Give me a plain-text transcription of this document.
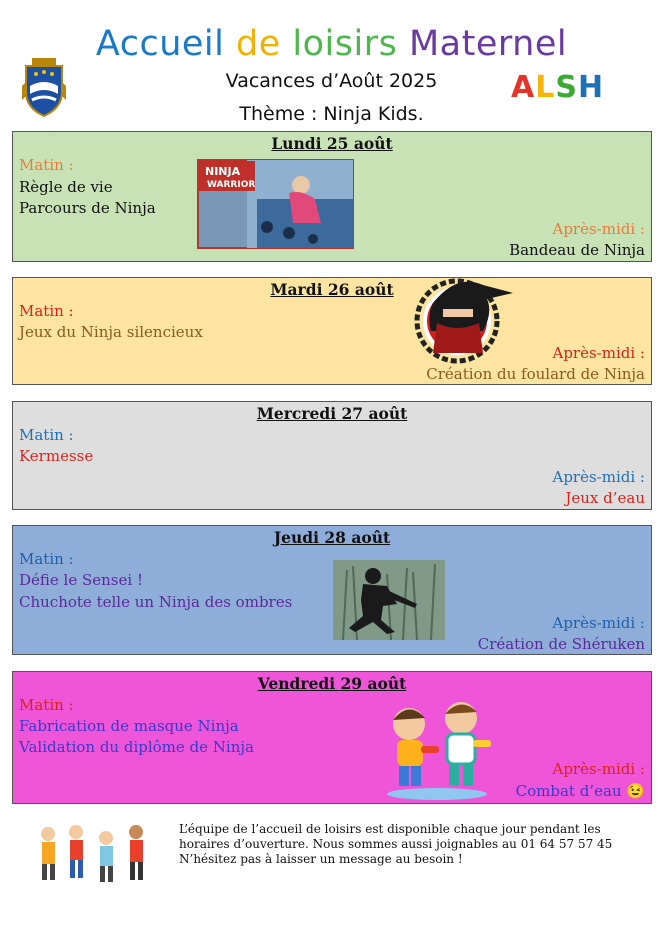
Accueil de loisirs Maternel
Vacances d’Août 2025
Thème : Ninja Kids.
ALSH
Lundi 25 août
Matin :
Règle de vie
Parcours de Ninja
Après-midi :
Bandeau de Ninja
NINJA
WARRIOR
Mardi 26 août
Matin :
Jeux du Ninja silencieux
Après-midi :
Création du foulard de Ninja
Mercredi 27 août
Matin :
Kermesse
Après-midi :
Jeux d’eau
Jeudi 28 août
Matin :
Défie le Sensei !
Chuchote telle un Ninja des ombres
Après-midi :
Création de Shéruken
Vendredi 29 août
Matin :
Fabrication de masque Ninja
Validation du diplôme de Ninja
Après-midi :
Combat d’eau 😉
L’équipe de l’accueil de loisirs est disponible chaque jour pendant les horaires d’ouverture. Nous sommes aussi joignables au 01 64 57 57 45
N’hésitez pas à laisser un message au besoin !
